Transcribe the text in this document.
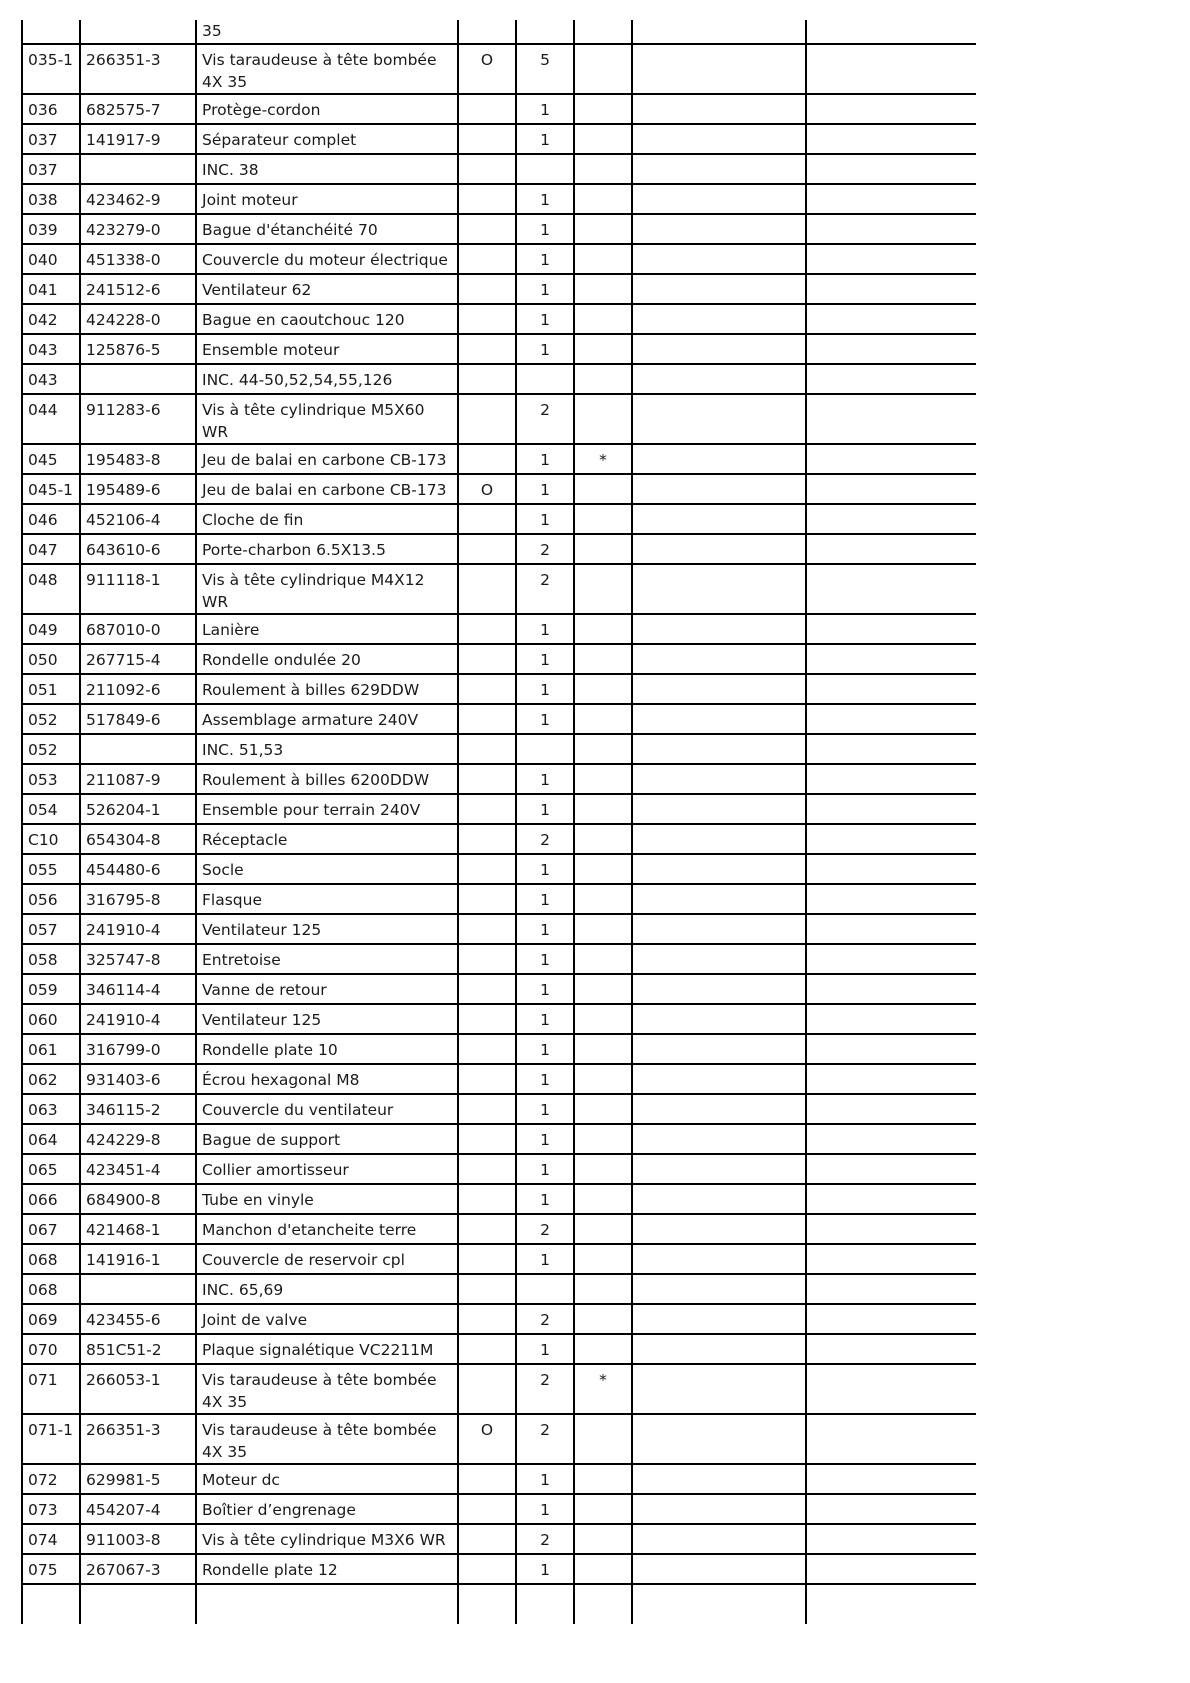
		35					
035-1	266351-3	Vis taraudeuse à tête bombée 4X 35	O	5			
036	682575-7	Protège-cordon		1			
037	141917-9	Séparateur complet		1			
037		INC. 38					
038	423462-9	Joint moteur		1			
039	423279-0	Bague d'étanchéité 70		1			
040	451338-0	Couvercle du moteur électrique		1			
041	241512-6	Ventilateur 62		1			
042	424228-0	Bague en caoutchouc 120		1			
043	125876-5	Ensemble moteur		1			
043		INC. 44-50,52,54,55,126					
044	911283-6	Vis à tête cylindrique M5X60 WR		2			
045	195483-8	Jeu de balai en carbone CB-173		1	*		
045-1	195489-6	Jeu de balai en carbone CB-173	O	1			
046	452106-4	Cloche de fin		1			
047	643610-6	Porte-charbon 6.5X13.5		2			
048	911118-1	Vis à tête cylindrique M4X12 WR		2			
049	687010-0	Lanière		1			
050	267715-4	Rondelle ondulée 20		1			
051	211092-6	Roulement à billes 629DDW		1			
052	517849-6	Assemblage armature 240V		1			
052		INC. 51,53					
053	211087-9	Roulement à billes 6200DDW		1			
054	526204-1	Ensemble pour terrain 240V		1			
C10	654304-8	Réceptacle		2			
055	454480-6	Socle		1			
056	316795-8	Flasque		1			
057	241910-4	Ventilateur 125		1			
058	325747-8	Entretoise		1			
059	346114-4	Vanne de retour		1			
060	241910-4	Ventilateur 125		1			
061	316799-0	Rondelle plate 10		1			
062	931403-6	Écrou hexagonal M8		1			
063	346115-2	Couvercle du ventilateur		1			
064	424229-8	Bague de support		1			
065	423451-4	Collier amortisseur		1			
066	684900-8	Tube en vinyle		1			
067	421468-1	Manchon d'etancheite terre		2			
068	141916-1	Couvercle de reservoir cpl		1			
068		INC. 65,69					
069	423455-6	Joint de valve		2			
070	851C51-2	Plaque signalétique VC2211M		1			
071	266053-1	Vis taraudeuse à tête bombée 4X 35		2	*		
071-1	266351-3	Vis taraudeuse à tête bombée 4X 35	O	2			
072	629981-5	Moteur dc		1			
073	454207-4	Boîtier d’engrenage		1			
074	911003-8	Vis à tête cylindrique M3X6 WR		2			
075	267067-3	Rondelle plate 12		1			
